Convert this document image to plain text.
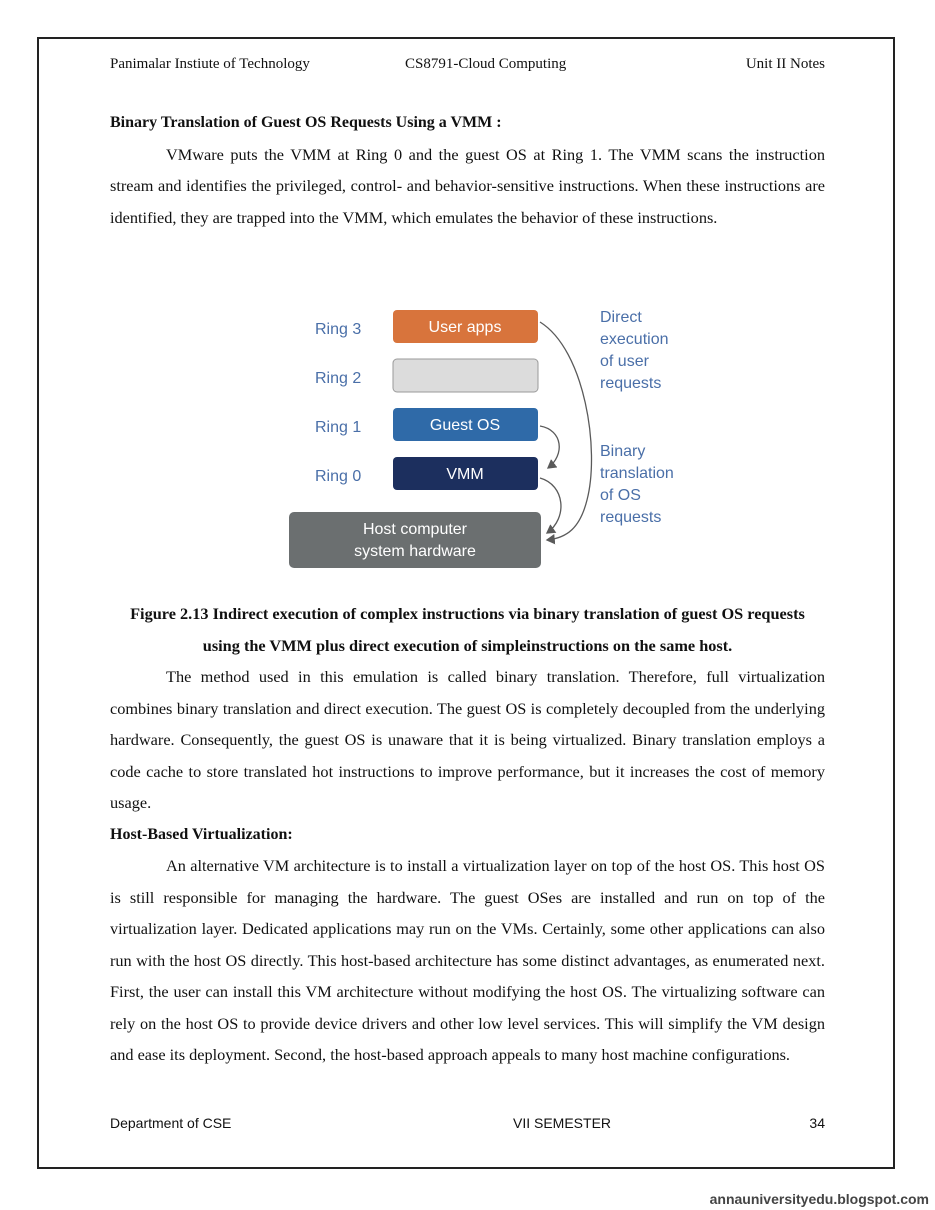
Panimalar Instiute of Technology	CS8791-Cloud Computing	Unit II Notes
Binary Translation of Guest OS Requests Using a VMM :

VMware puts the VMM at Ring 0 and the guest OS at Ring 1. The VMM scans the instruction stream and identifies the privileged, control- and behavior-sensitive instructions. When these instructions are identified, they are trapped into the VMM, which emulates the behavior of these instructions.

Ring 3
Ring 2
Ring 1
Ring 0
User apps
Guest OS
VMM
Host computer
system hardware
Direct execution of user requests
Binary translation of OS requests
Figure 2.13 Indirect execution of complex instructions via binary translation of guest OS requests using the VMM plus direct execution of simpleinstructions on the same host.

The method used in this emulation is called binary translation. Therefore, full virtualization combines binary translation and direct execution. The guest OS is completely decoupled from the underlying hardware. Consequently, the guest OS is unaware that it is being virtualized. Binary translation employs a code cache to store translated hot instructions to improve performance, but it increases the cost of memory usage.

Host-Based Virtualization:

An alternative VM architecture is to install a virtualization layer on top of the host OS. This host OS is still responsible for managing the hardware. The guest OSes are installed and run on top of the virtualization layer. Dedicated applications may run on the VMs. Certainly, some other applications can also run with the host OS directly. This host-based architecture has some distinct advantages, as enumerated next. First, the user can install this VM architecture without modifying the host OS. The virtualizing software can rely on the host OS to provide device drivers and other low level services. This will simplify the VM design and ease its deployment. Second, the host-based approach appeals to many host machine configurations.

Department of CSE	VII SEMESTER	34
annauniversityedu.blogspot.com
